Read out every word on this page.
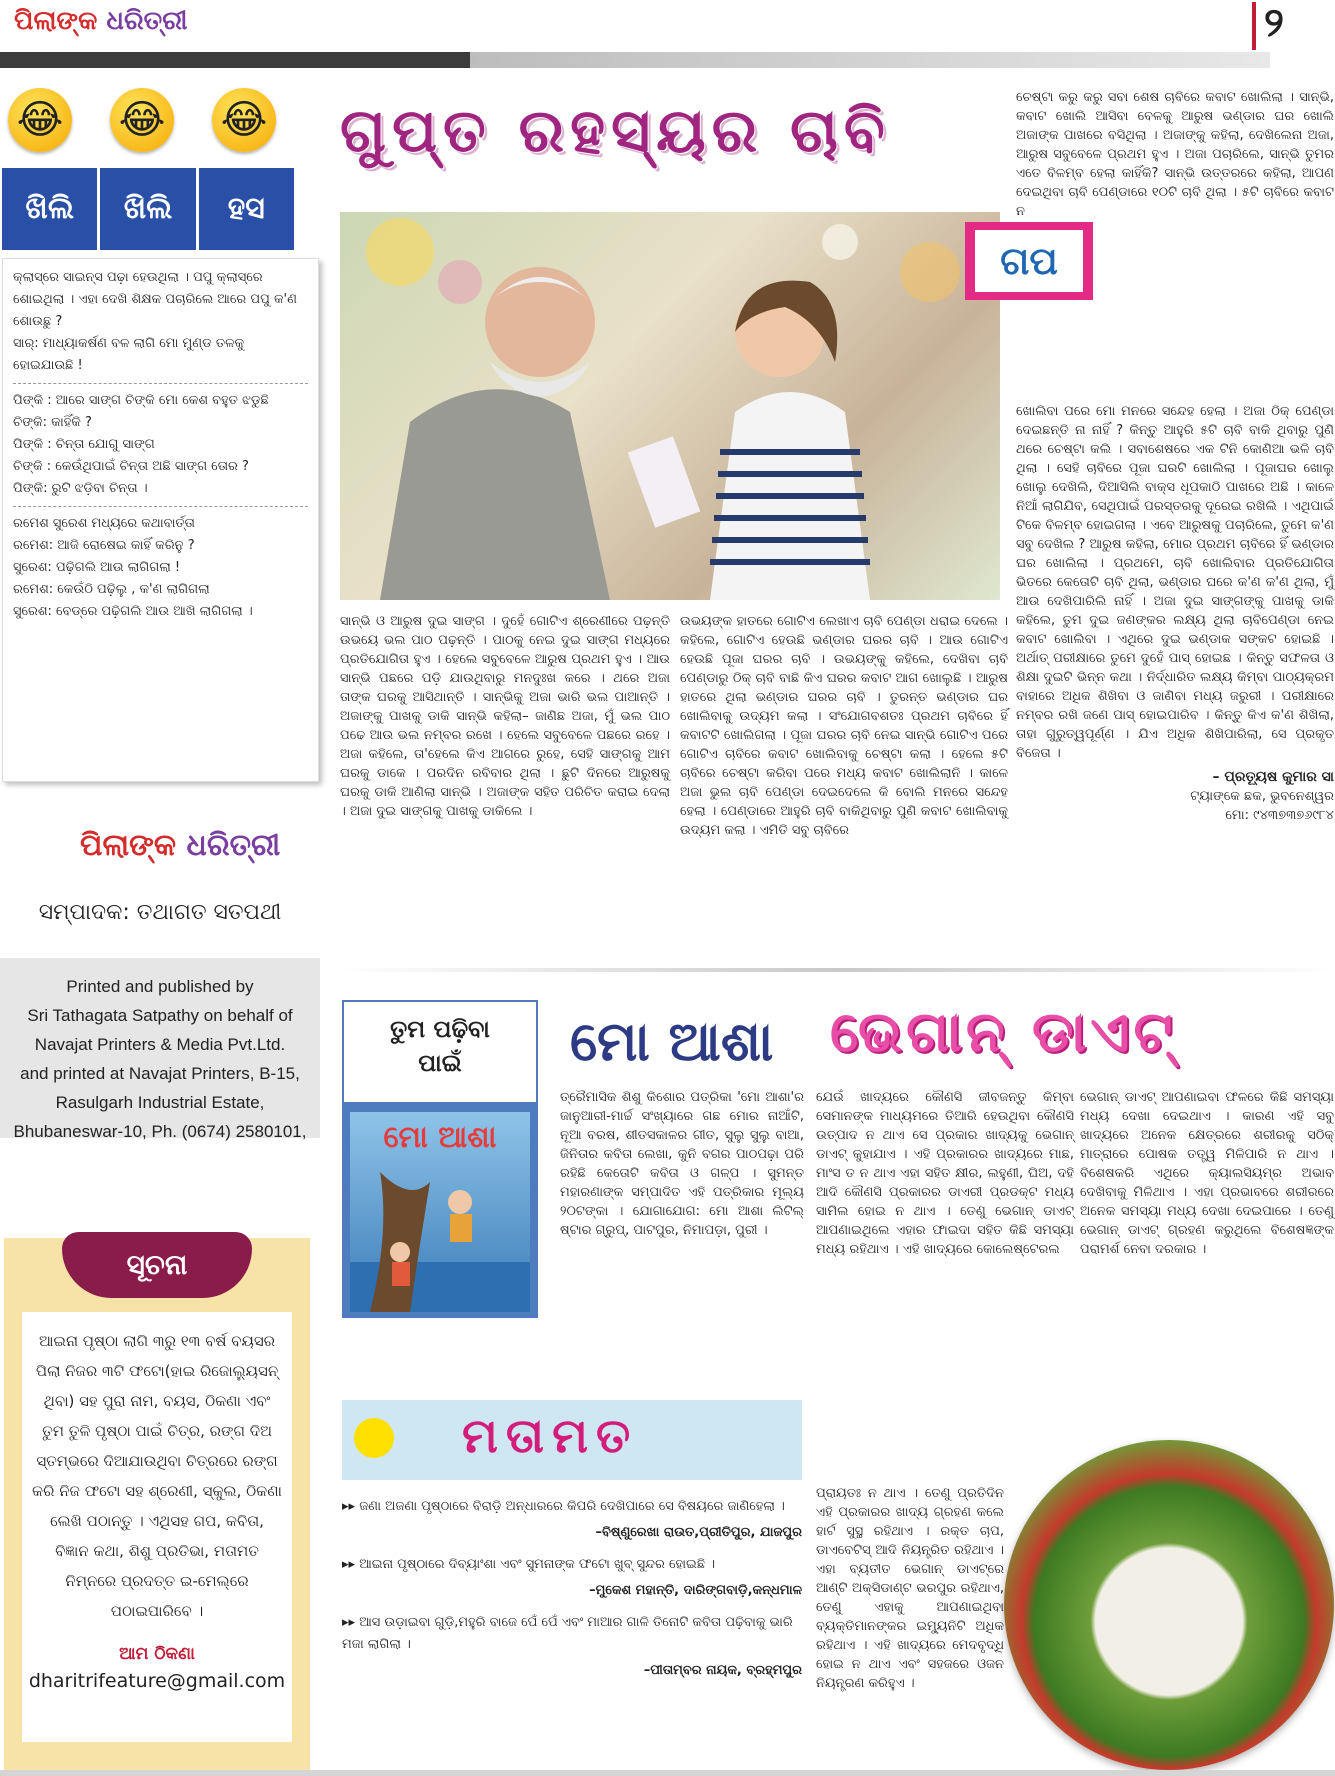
ପିଲାଙ୍କ ଧରିତ୍ରୀ	୨
😂 😂 😂
ଖିଲି	ଖିଲି	ହସ

କ୍ଲାସ୍‌ରେ ସାଇନ୍ସ ପଢ଼ା ହେଉଥିଲା । ପପୁ କ୍ଲାସ୍‌ରେ ଶୋଇଥିଲା । ଏହା ଦେଖି ଶିକ୍ଷକ ପଚାରିଲେ ଆରେ ପପୁ କ'ଣ ଶୋଉଛୁ ?

ସାର୍: ମାଧ୍ୟାକର୍ଷଣ ବଳ ଲାଗି ମୋ ମୁଣ୍ଡ ତଳକୁ ହୋଇଯାଉଛି !

ପିଙ୍କି : ଆରେ ସାଙ୍ଗ ଚିଙ୍କି ମୋ କେଶ ବହୁତ ଝଡୁଛି

ଚିଙ୍କି: କାହିଁକି ?

ପିଙ୍କି : ଚିନ୍ତା ଯୋଗୁ ସାଙ୍ଗ

ଚିଙ୍କି : କେଉଁଥିପାଇଁ ଚିନ୍ତା ଅଛି ସାଙ୍ଗ ତୋର ?

ପିଙ୍କି: ରୁଟି ଝଡ଼ିବା ଚିନ୍ତା ।

ରମେଶ ସୁରେଶ ମଧ୍ୟରେ କଥାବାର୍ତ୍ତା

ରମେଶ: ଆଜି ରୋଷେଇ କାହିଁ କରିନୁ ?

ସୁରେଶ: ପଢ଼ିଗଲି ଆଉ ଲାଗିଗଲା !

ରମେଶ: କେଉଁଠି ପଢ଼ିଲୁ , କ'ଣ ଲାଗିଗଲା

ସୁରେଶ: ବେଡ୍‌ରେ ପଢ଼ିଗଲି ଆଉ ଆଖି ଲାଗିଗଲା ।

ପିଲାଙ୍କ ଧରିତ୍ରୀ
ସମ୍ପାଦକ: ତଥାଗତ ସତପଥୀ
Printed and published by
Sri Tathagata Satpathy on behalf of
Navajat Printers & Media Pvt.Ltd.
and printed at Navajat Printers, B-15,
Rasulgarh Industrial Estate,
Bhubaneswar-10, Ph. (0674) 2580101,
ସୂଚନା
ଆଇନା ପୃଷ୍ଠା ଲାଗି ୩ରୁ ୧୩ ବର୍ଷ ବୟସର ପିଲା ନିଜର ୩ଟି ଫଟୋ(ହାଇ ରିଜୋଲ୍ୟୁସନ୍ ଥିବା) ସହ ପୁରା ନାମ, ବୟସ, ଠିକଣା ଏବଂ ତୁମ ତୁଳି ପୃଷ୍ଠା ପାଇଁ ଚିତ୍ର, ରଙ୍ଗ ଦିଅ ସ୍ତମ୍ଭରେ ଦିଆଯାଉଥିବା ଚିତ୍ରରେ ରଙ୍ଗ କରି ନିଜ ଫଟୋ ସହ ଶ୍ରେଣୀ, ସ୍କୁଲ, ଠିକଣା ଲେଖି ପଠାନ୍ତୁ । ଏଥିସହ ଗପ, କବିତା, ବିଜ୍ଞାନ କଥା, ଶିଶୁ ପ୍ରତିଭା, ମତାମତ ନିମ୍ନରେ ପ୍ରଦତ୍ତ ଇ-ମେଲ୍‌ରେ ପଠାଇପାରିବେ ।
ଆମ ଠିକଣା
dharitrifeature@gmail.com
ଗୁପ୍ତ ରହସ୍ୟର ଚାବି
ଗପ
ଚେଷ୍ଟା କରୁ କରୁ ସବା ଶେଷ ଚାବିରେ କବାଟ ଖୋଲିଲା । ସାନ୍ଭି, କବାଟ ଖୋଲି ଆସିବା ବେଳକୁ ଆରୁଷ ଭଣ୍ଡାର ଘର ଖୋଲି ଅଜାଙ୍କ ପାଖରେ ବସିଥିଲା । ଅଜାଙ୍କୁ କହିଲା, ଦେଖିଲେନା ଅଜା, ଆରୁଷ ସବୁବେଳେ ପ୍ରଥମ ହୁଏ । ଅଜା ପଚାରିଲେ, ସାନ୍ଭି ତୁମର ଏତେ ବିଳମ୍ବ ହେଲା କାହିଁକି? ସାନ୍ଭି ଉତ୍ତରରେ କହିଲା, ଆପଣ ଦେଇଥିବା ଚାବି ପେଣ୍ଡାରେ ୧୦ଟି ଚାବି ଥିଲା । ୫ଟି ଚାବିରେ କବାଟ ନ
ସାନ୍ଭି ଓ ଆରୁଷ ଦୁଇ ସାଙ୍ଗ । ଦୁହେଁ ଗୋଟିଏ ଶ୍ରେଣୀରେ ପଢ଼ନ୍ତି ଉଭୟେ ଭଲ ପାଠ ପଢ଼ନ୍ତି । ପାଠକୁ ନେଇ ଦୁଇ ସାଙ୍ଗ ମଧ୍ୟରେ ପ୍ରତିଯୋଗିତା ହୁଏ । ହେଲେ ସବୁବେଳେ ଆରୁଷ ପ୍ରଥମ ହୁଏ । ଆଉ ସାନ୍ଭି ପଛରେ ପଡ଼ି ଯାଉଥିବାରୁ ମନଦୁଃଖ କରେ । ଥରେ ଅଜା ତାଙ୍କ ଘରକୁ ଆସିଥାନ୍ତି । ସାନ୍ଭିକୁ ଅଜା ଭାରି ଭଲ ପାଆନ୍ତି । ଅଜାଙ୍କୁ ପାଖକୁ ଡାକି ସାନ୍ଭି କହିଲା– ଜାଣିଛ ଅଜା, ମୁଁ ଭଲ ପାଠ ପଢେ ଆଉ ଭଲ ନମ୍ବର ରଖେ । ହେଲେ ସବୁବେଳେ ପଛରେ ରହେ । ଅଜା କହିଲେ, ତା'ହେଲେ କିଏ ଆଗରେ ରୁହେ, ସେହି ସାଙ୍ଗକୁ ଆମ ଘରକୁ ଡାକେ । ପରଦିନ ରବିବାର ଥିଲା । ଛୁଟି ଦିନରେ ଆରୁଷକୁ ଘରକୁ ଡାକି ଆଣିଲା ସାନ୍ଭି । ଅଜାଙ୍କ ସହିତ ପରିଚିତ କରାଇ ଦେଲା । ଅଜା ଦୁଇ ସାଙ୍ଗକୁ ପାଖକୁ ଡାକିଲେ ।
ଉଭୟଙ୍କ ହାତରେ ଗୋଟିଏ ଲେଖାଏ ଚାବି ପେଣ୍ଡା ଧରାଇ ଦେଲେ । କହିଲେ, ଗୋଟିଏ ହେଉଛି ଭଣ୍ଡାର ଘରର ଚାବି । ଆଉ ଗୋଟିଏ ହେଉଛି ପୂଜା ଘରର ଚାବି । ଉଭୟଙ୍କୁ କହିଲେ, ଦେଖିବା ଚାବି ପେଣ୍ଡାରୁ ଠିକ୍ ଚାବି ବାଛି କିଏ ଘରର କବାଟ ଆଗ ଖୋଲୁଛି । ଆରୁଷ ହାତରେ ଥିଲା ଭଣ୍ଡାର ଘରର ଚାବି । ତୁରନ୍ତ ଭଣ୍ଡାର ଘର ଖୋଲିବାକୁ ଉଦ୍ୟମ କଲା । ସଂଯୋଗବଶତଃ ପ୍ରଥମ ଚାବିରେ ହିଁ କବାଟଟି ଖୋଲିଗଲା । ପୂଜା ଘରର ଚାବି ନେଇ ସାନ୍ଭି ଗୋଟିଏ ପରେ ଗୋଟିଏ ଚାବିରେ କବାଟ ଖୋଲିବାକୁ ଚେଷ୍ଟା କଲା । ହେଲେ ୫ଟି ଚାବିରେ ଚେଷ୍ଟା କରିବା ପରେ ମଧ୍ୟ କବାଟ ଖୋଲିଲାନି । କାଳେ ଅଜା ଭୁଲ ଚାବି ପେଣ୍ଡା ଦେଇଦେଲେ କି ବୋଲି ମନରେ ସନ୍ଦେହ ହେଲା । ପେଣ୍ଡାରେ ଆହୁରି ଚାବି ବାକିଥିବାରୁ ପୁଣି କବାଟ ଖୋଲିବାକୁ ଉଦ୍ୟମ କଲା । ଏମିତି ସବୁ ଚାବିରେ
ଖୋଲିବା ପରେ ମୋ ମନରେ ସନ୍ଦେହ ହେଲା । ଅଜା ଠିକ୍ ପେଣ୍ଡା ଦେଇଛନ୍ତି ନା ନାହିଁ ? କିନ୍ତୁ ଆହୁରି ୫ଟି ଚାବି ବାକି ଥିବାରୁ ପୁଣି ଥରେ ଚେଷ୍ଟା କଲି । ସବାଶେଷରେ ଏକ ଟିନି କୋଣିଆ ଭଳି ଚାବି ଥିଲା । ସେହି ଚାବିରେ ପୂଜା ଘରଟି ଖୋଲିଲା । ପୂଜାଘର ଖୋଲୁ ଖୋଲୁ ଦେଖିଲି, ଦିଆସିଲି ବାକ୍ସ ଧୂପକାଠି ପାଖରେ ଅଛି । କାଳେ ନିଆଁ ଲାଗିଯିବ, ସେଥିପାଇଁ ପରସ୍ତରକୁ ଦୂରେଇ ରଖିଲି । ଏଥିପାଇଁ ଟିକେ ବିଳମ୍ବ ହୋଇଗଲା । ଏବେ ଆରୁଷକୁ ପଚାରିଲେ, ତୁମେ କ'ଣ ସବୁ ଦେଖିଲ ? ଆରୁଷ କହିଲା, ମୋର ପ୍ରଥମ ଚାବିରେ ହିଁ ଭଣ୍ଡାର ଘର ଖୋଲିଲା । ପ୍ରଥମେ, ଚାବି ଖୋଲିବାର ପ୍ରତିଯୋଗିତା ଭିତରେ କେତୋଟି ଚାବି ଥିଲା, ଭଣ୍ଡାର ଘରେ କ'ଣ କ'ଣ ଥିଲା, ମୁଁ ଆଉ ଦେଖିପାରିଲି ନାହିଁ । ଅଜା ଦୁଇ ସାଙ୍ଗଙ୍କୁ ପାଖକୁ ଡାକି କହିଲେ, ତୁମ ଦୁଇ ଜଣଙ୍କର ଲକ୍ଷ୍ୟ ଥିଲା ଚାବିପେଣ୍ଡା ନେଇ କବାଟ ଖୋଲିବା । ଏଥିରେ ଦୁଇ ଭଣ୍ଡାକ ସଙ୍କଟ ହୋଇଛି । ଅର୍ଥାତ୍ ପରୀକ୍ଷାରେ ତୁମେ ଦୁହେଁ ପାସ୍ ହୋଇଛ । କିନ୍ତୁ ସଫଳତା ଓ ଶିକ୍ଷା ଦୁଇଟି ଭିନ୍ନ କଥା । ନିର୍ଦ୍ଧାରିତ ଲକ୍ଷ୍ୟ କିମ୍ବା ପାଠ୍ୟକ୍ରମ ବାହାରେ ଅଧିକ ଶିଖିବା ଓ ଜାଣିବା ମଧ୍ୟ ଜରୁରୀ । ପରୀକ୍ଷାରେ ନମ୍ବର ରଖି ଜଣେ ପାସ୍ ହୋଇପାରିବ । କିନ୍ତୁ କିଏ କ'ଣ ଶିଖିଲା, ତାହା ଗୁରୁତ୍ୱପୂର୍ଣ୍ଣ । ଯିଏ ଅଧିକ ଶିଖିପାରିଲା, ସେ ପ୍ରକୃତ ବିଜେତା ।
– ପ୍ରତ୍ୟୂଷ କୁମାର ସା
ଟ୍ୟାଙ୍କେ ଛକ, ଭୁବନେଶ୍ୱର
ମୋ: ୯୪୩୭୩୭୬୯୮୪
ତୁମ ପଢ଼ିବା
ପାଇଁ
ମୋ ଆଶା
ମୋ ଆଶା
ତ୍ରୈମାସିକ ଶିଶୁ କିଶୋର ପତ୍ରିକା 'ମୋ ଆଶା'ର ଜାନୁଆରୀ-ମାର୍ଚ୍ଚ ସଂଖ୍ୟାରେ ଗଛ ମୋର ନାଆଁଟି, ନୂଆ ବରଷ, ଶୀତସକାଳର ଗୀତ, ସୁଲୁ ସୁଲୁ ବାଆ, ଜିନିତାର କବିତା ଲେଖା, କୁନି ବଗର ପାଠପଢ଼ା ପରି ରହିଛି କେତୋଟି କବିତା ଓ ଗଳ୍ପ । ସୁମନ୍ତ ମହାରଣାଙ୍କ ସମ୍ପାଦିତ ଏହି ପତ୍ରିକାର ମୂଲ୍ୟ ୨୦ଟଙ୍କା । ଯୋଗାଯୋଗ: ମୋ ଆଶା ଲିଟିଲ୍ ଷ୍ଟାର ଗ୍ରୁପ୍, ପାଟପୁର, ନିମାପଡ଼ା, ପୁରୀ ।
ମତାମତ
▸▸ ଜଣା ଅଜଣା ପୃଷ୍ଠାରେ ବିରାଡ଼ି ଅନ୍ଧାରରେ କିପରି ଦେଖିପାରେ ସେ ବିଷୟରେ ଜାଣିହେଲା ।
–ବିଷ୍ଣୁରେଖା ରାଉତ,ପ୍ରୀତିପୁର, ଯାଜପୁର
▸▸ ଆଇନା ପୃଷ୍ଠାରେ ଦିବ୍ୟାଂଶା ଏବଂ ସୁମନାଙ୍କ ଫଟୋ ଖୁବ୍ ସୁନ୍ଦର ହୋଇଛି ।
–ମୁକେଶ ମହାନ୍ତି, ଦାରିଙ୍ଗବାଡ଼ି,କନ୍ଧମାଳ
▸▸ ଆସ ଉଡ଼ାଇବା ଗୁଡ଼ି,ମହୁରି ବାଜେ ପେଁ ପେଁ ଏବଂ ମାଆର ଗାଳି ତିନୋଟି କବିତା ପଢ଼ିବାକୁ ଭାରି ମଜା ଲାଗିଲା ।
–ପୀତାମ୍ବର ନାୟକ, ବ୍ରହ୍ମପୁର
ଭେଗାନ୍ ଡାଏଟ୍
ଯେଉଁ ଖାଦ୍ୟରେ କୌଣସି ଜୀବଜନ୍ତୁ କିମ୍ବା ସେମାନଙ୍କ ମାଧ୍ୟମରେ ତିଆରି ହେଉଥିବା କୌଣସି ଉତ୍ପାଦ ନ ଥାଏ ସେ ପ୍ରକାର ଖାଦ୍ୟକୁ ଭେଗାନ୍ ଡାଏଟ୍ କୁହାଯାଏ । ଏହି ପ୍ରକାରର ଖାଦ୍ୟରେ ମାଛ, ମାଂସ ତ ନ ଥାଏ ଏହା ସହିତ କ୍ଷୀର, ଲହୁଣୀ, ଘିଅ, ଦହି ଆଦି କୌଣସି ପ୍ରକାରର ଡାଏରୀ ପ୍ରଡକ୍ଟ ମଧ୍ୟ ସାମିଲ ହୋଇ ନ ଥାଏ । ତେଣୁ ଭେଗାନ୍ ଡାଏଟ୍ ଆପଣାଇଥିଲେ ଏହାର ଫାଇଦା ସହିତ କିଛି ସମସ୍ୟା ମଧ୍ୟ ରହିଥାଏ । ଏହି ଖାଦ୍ୟରେ କୋଲେଷ୍ଟେରଲ
ଭେଗାନ୍ ଡାଏଟ୍ ଆପଣାଇବା ଫଳରେ କିଛି ସମସ୍ୟା ମଧ୍ୟ ଦେଖା ଦେଇଥାଏ । କାରଣ ଏହି ସବୁ ଖାଦ୍ୟରେ ଅନେକ କ୍ଷେତ୍ରରେ ଶରୀରକୁ ସଠିକ୍ ମାତ୍ରାରେ ପୋଷକ ତତ୍ତ୍ୱ ମିଳିପାରି ନ ଥାଏ । ବିଶେଷକରି ଏଥିରେ କ୍ୟାଲସିୟମ୍‌ର ଅଭାବ ଦେଖିବାକୁ ମିଳିଥାଏ । ଏହା ପ୍ରଭାବରେ ଶରୀରରେ ଅନେକ ସମସ୍ୟା ମଧ୍ୟ ଦେଖା ଦେଇପାରେ । ତେଣୁ ଭେଗାନ୍ ଡାଏଟ୍ ଗ୍ରହଣ କରୁଥିଲେ ବିଶେଷଜ୍ଞଙ୍କ ପରାମର୍ଶ ନେବା ଦରକାର ।
ପ୍ରାୟତଃ ନ ଥାଏ । ତେଣୁ ପ୍ରତିଦିନ ଏହି ପ୍ରକାରର ଖାଦ୍ୟ ଗ୍ରହଣ କଲେ ହାର୍ଟ ସୁସ୍ଥ ରହିଥାଏ । ରକ୍ତ ଚାପ, ଡାଏବେଟିସ୍ ଆଦି ନିୟନ୍ତ୍ରିତ ରହିଥାଏ । ଏହା ବ୍ୟତୀତ ଭେଗାନ୍ ଡାଏଟ୍‌ରେ ଆଣ୍ଟି ଅକ୍ସିଡାଣ୍ଟ ଭରପୁର ରହିଥାଏ, ତେଣୁ ଏହାକୁ ଆପଣାଇଥିବା ବ୍ୟକ୍ତିମାନଙ୍କର ଇମ୍ୟୁନିଟି ଅଧିକ ରହିଥାଏ । ଏହି ଖାଦ୍ୟରେ ମେଦବୃଦ୍ଧି ହୋଇ ନ ଥାଏ ଏବଂ ସହଜରେ ଓଜନ ନିୟନ୍ତ୍ରଣ କରିହୁଏ ।
